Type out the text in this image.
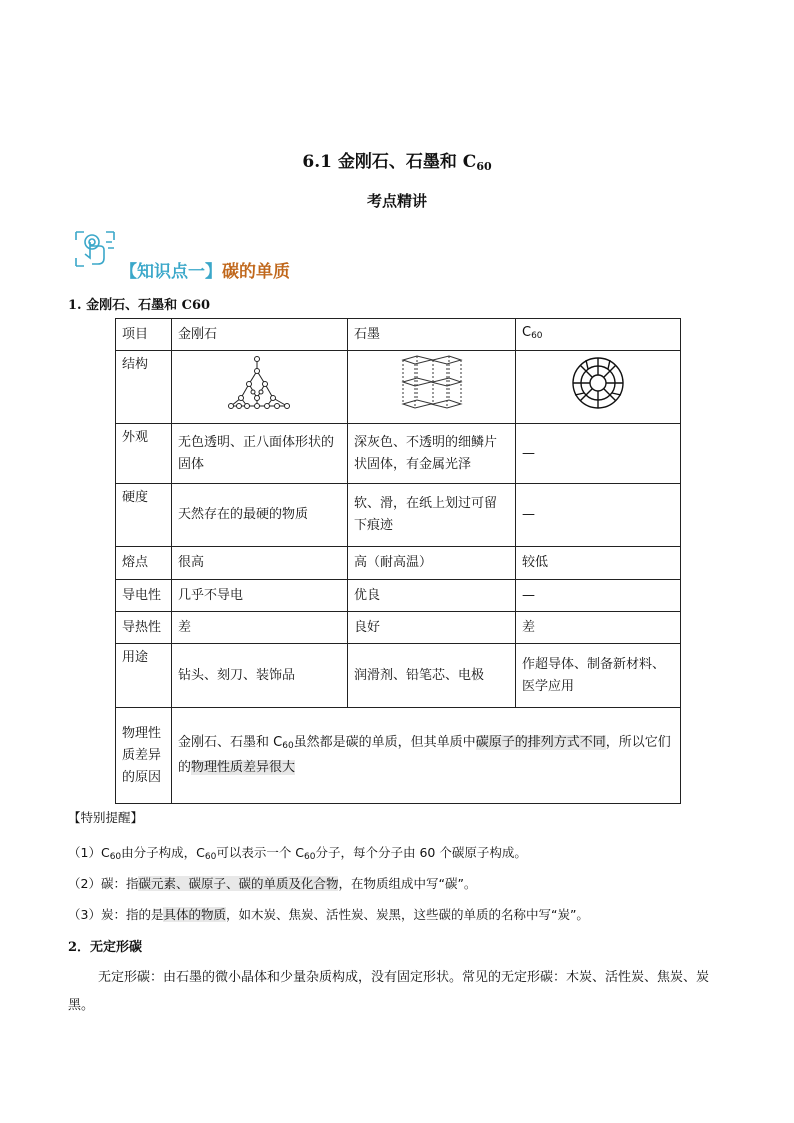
6.1 金刚石、石墨和 $C_{60}$
考点精讲
【知识点一】碳的单质
1. 金刚石、石墨和 C60
项目	金刚石	石墨	C60
结构			
外观	无色透明、正八面体形状的固体	深灰色、不透明的细鳞片状固体，有金属光泽	—
硬度	天然存在的最硬的物质	软、滑，在纸上划过可留下痕迹	—
熔点	很高	高（耐高温）	较低
导电性	几乎不导电	优良	—
导热性	差	良好	差
用途	钻头、刻刀、装饰品	润滑剂、铅笔芯、电极	作超导体、制备新材料、医学应用
物理性质差异的原因	金刚石、石墨和 C60虽然都是碳的单质，但其单质中碳原子的排列方式不同，所以它们的物理性质差异很大		
【特别提醒】
$(1)C_{60}$由分子构成，$C_{60}$可以表示一个 $C_{60}$分子，每个分子由 60 个碳原子构成。
（2）碳：指碳元素、碳原子、碳的单质及化合物，在物质组成中写“碳”。
（3）炭：指的是具体的物质，如木炭、焦炭、活性炭、炭黑，这些碳的单质的名称中写“炭”。
2．无定形碳
无定形碳：由石墨的微小晶体和少量杂质构成，没有固定形状。常见的无定形碳：木炭、活性炭、焦炭、炭黑。
